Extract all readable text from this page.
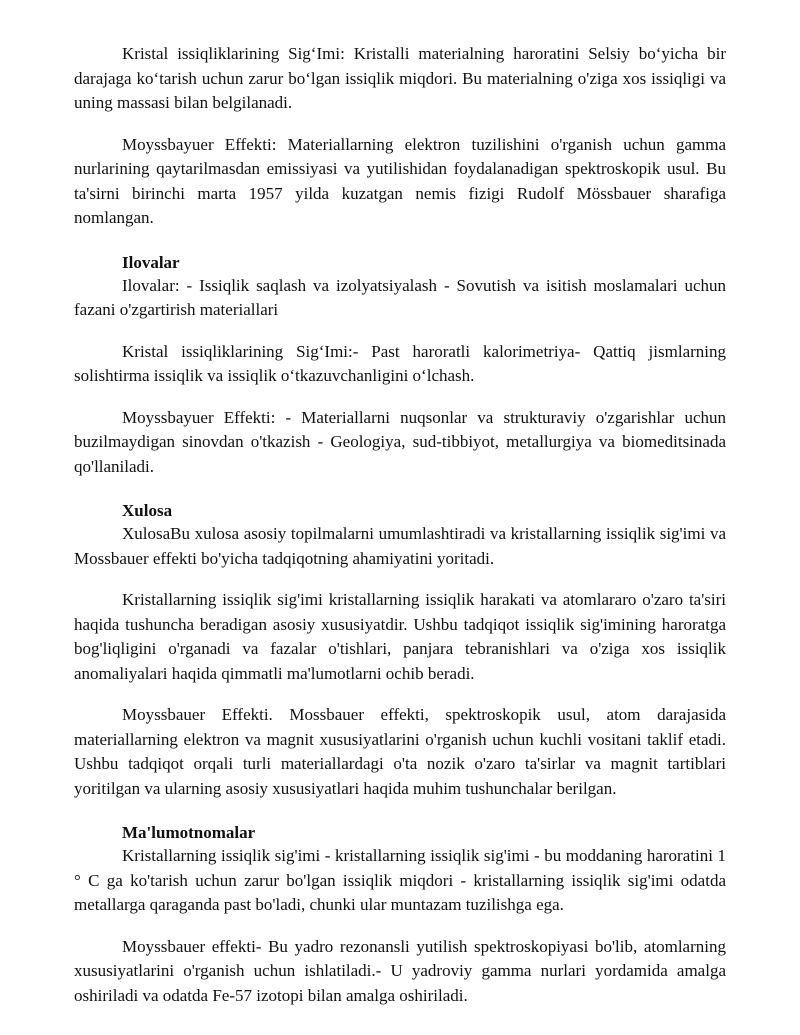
Kristal issiqliklarining Sig‘Imi: Kristalli materialning haroratini Selsiy bo‘yicha bir darajaga ko‘tarish uchun zarur bo‘lgan issiqlik miqdori. Bu materialning o'ziga xos issiqligi va uning massasi bilan belgilanadi.

Moyssbayuer Effekti: Materiallarning elektron tuzilishini o'rganish uchun gamma nurlarining qaytarilmasdan emissiyasi va yutilishidan foydalanadigan spektroskopik usul. Bu ta'sirni birinchi marta 1957 yilda kuzatgan nemis fizigi Rudolf Mössbauer sharafiga nomlangan.

Ilovalar

Ilovalar: - Issiqlik saqlash va izolyatsiyalash - Sovutish va isitish moslamalari uchun fazani o'zgartirish materiallari

Kristal issiqliklarining Sig‘Imi:- Past haroratli kalorimetriya- Qattiq jismlarning solishtirma issiqlik va issiqlik o‘tkazuvchanligini o‘lchash.

Moyssbayuer Effekti: - Materiallarni nuqsonlar va strukturaviy o'zgarishlar uchun buzilmaydigan sinovdan o'tkazish - Geologiya, sud-tibbiyot, metallurgiya va biomeditsinada qo'llaniladi.

Xulosa

XulosaBu xulosa asosiy topilmalarni umumlashtiradi va kristallarning issiqlik sig'imi va Mossbauer effekti bo'yicha tadqiqotning ahamiyatini yoritadi.

Kristallarning issiqlik sig'imi kristallarning issiqlik harakati va atomlararo o'zaro ta'siri haqida tushuncha beradigan asosiy xususiyatdir. Ushbu tadqiqot issiqlik sig'imining haroratga bog'liqligini o'rganadi va fazalar o'tishlari, panjara tebranishlari va o'ziga xos issiqlik anomaliyalari haqida qimmatli ma'lumotlarni ochib beradi.

Moyssbauer Effekti. Mossbauer effekti, spektroskopik usul, atom darajasida materiallarning elektron va magnit xususiyatlarini o'rganish uchun kuchli vositani taklif etadi. Ushbu tadqiqot orqali turli materiallardagi o'ta nozik o'zaro ta'sirlar va magnit tartiblari yoritilgan va ularning asosiy xususiyatlari haqida muhim tushunchalar berilgan.

Ma'lumotnomalar

Kristallarning issiqlik sig'imi - kristallarning issiqlik sig'imi - bu moddaning haroratini 1 ° C ga ko'tarish uchun zarur bo'lgan issiqlik miqdori - kristallarning issiqlik sig'imi odatda metallarga qaraganda past bo'ladi, chunki ular muntazam tuzilishga ega.

Moyssbauer effekti- Bu yadro rezonansli yutilish spektroskopiyasi bo'lib, atomlarning xususiyatlarini o'rganish uchun ishlatiladi.- U yadroviy gamma nurlari yordamida amalga oshiriladi va odatda Fe-57 izotopi bilan amalga oshiriladi.
